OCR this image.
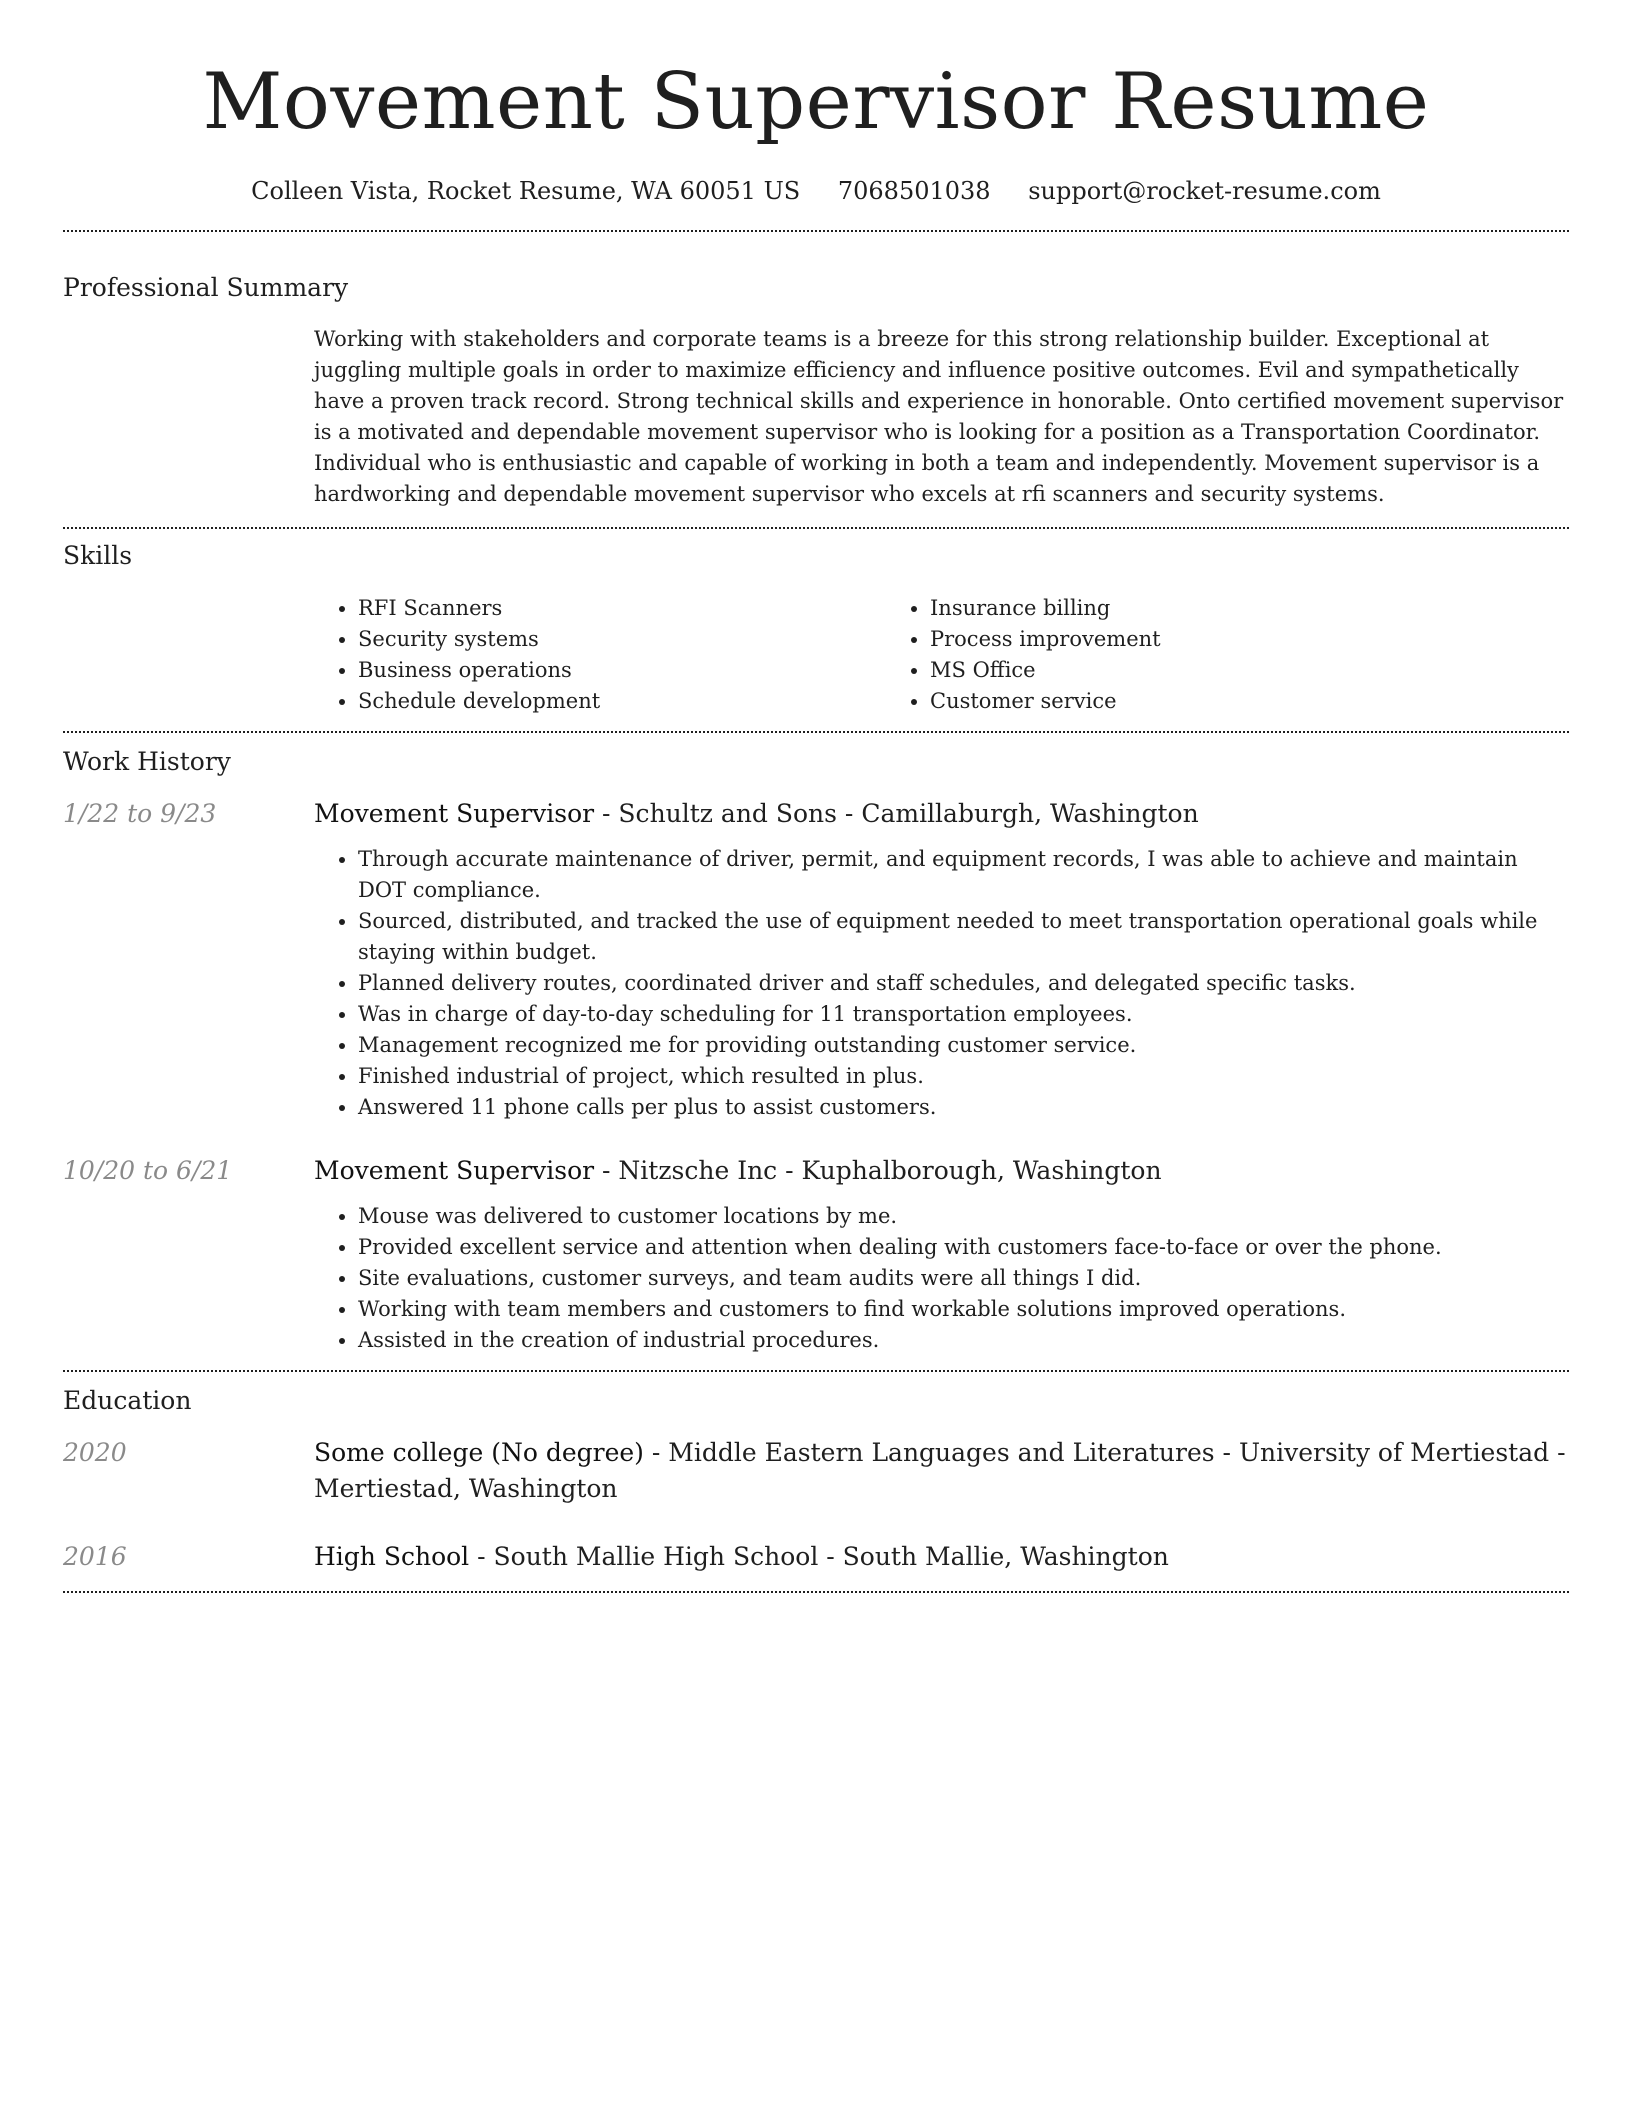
Movement Supervisor Resume
Colleen Vista, Rocket Resume, WA 60051 US 7068501038 support@rocket-resume.com
Professional Summary

Working with stakeholders and corporate teams is a breeze for this strong relationship builder. Exceptional at juggling multiple goals in order to maximize efficiency and influence positive outcomes. Evil and sympathetically have a proven track record. Strong technical skills and experience in honorable. Onto certified movement supervisor is a motivated and dependable movement supervisor who is looking for a position as a Transportation Coordinator. Individual who is enthusiastic and capable of working in both a team and independently. Movement supervisor is a hardworking and dependable movement supervisor who excels at rfi scanners and security systems.

Skills
• RFI Scanners
• Security systems
• Business operations
• Schedule development
• Insurance billing
• Process improvement
• MS Office
• Customer service
Work History
1/22 to 9/23	Movement Supervisor - Schultz and Sons - Camillaburgh, Washington
• Through accurate maintenance of driver, permit, and equipment records, I was able to achieve and maintain DOT compliance.
• Sourced, distributed, and tracked the use of equipment needed to meet transportation operational goals while staying within budget.
• Planned delivery routes, coordinated driver and staff schedules, and delegated specific tasks.
• Was in charge of day-to-day scheduling for 11 transportation employees.
• Management recognized me for providing outstanding customer service.
• Finished industrial of project, which resulted in plus.
• Answered 11 phone calls per plus to assist customers.
10/20 to 6/21	Movement Supervisor - Nitzsche Inc - Kuphalborough, Washington
• Mouse was delivered to customer locations by me.
• Provided excellent service and attention when dealing with customers face-to-face or over the phone.
• Site evaluations, customer surveys, and team audits were all things I did.
• Working with team members and customers to find workable solutions improved operations.
• Assisted in the creation of industrial procedures.
Education
2020	Some college (No degree) - Middle Eastern Languages and Literatures - University of Mertiestad - Mertiestad, Washington
2016	High School - South Mallie High School - South Mallie, Washington
